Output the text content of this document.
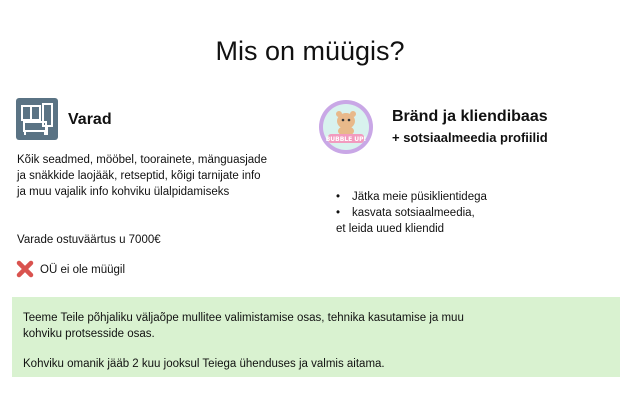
Mis on müügis?
Varad
Kõik seadmed, mööbel, toorainete, mänguasjade ja snäkkide laojääk, retseptid, kõigi tarnijate info ja muu vajalik info kohviku ülalpidamiseks
Varade ostuväärtus u 7000€
OÜ ei ole müügil
BUBBLE UP!
Bränd ja kliendibaas
+ sotsiaalmeedia profiilid
•	Jätka meie püsiklientidega
•	kasvata sotsiaalmeedia,
et leida uued kliendid
Teeme Teile põhjaliku väljaõpe mullitee valimistamise osas, tehnika kasutamise ja muu kohviku protsesside osas.
Kohviku omanik jääb 2 kuu jooksul Teiega ühenduses ja valmis aitama.
